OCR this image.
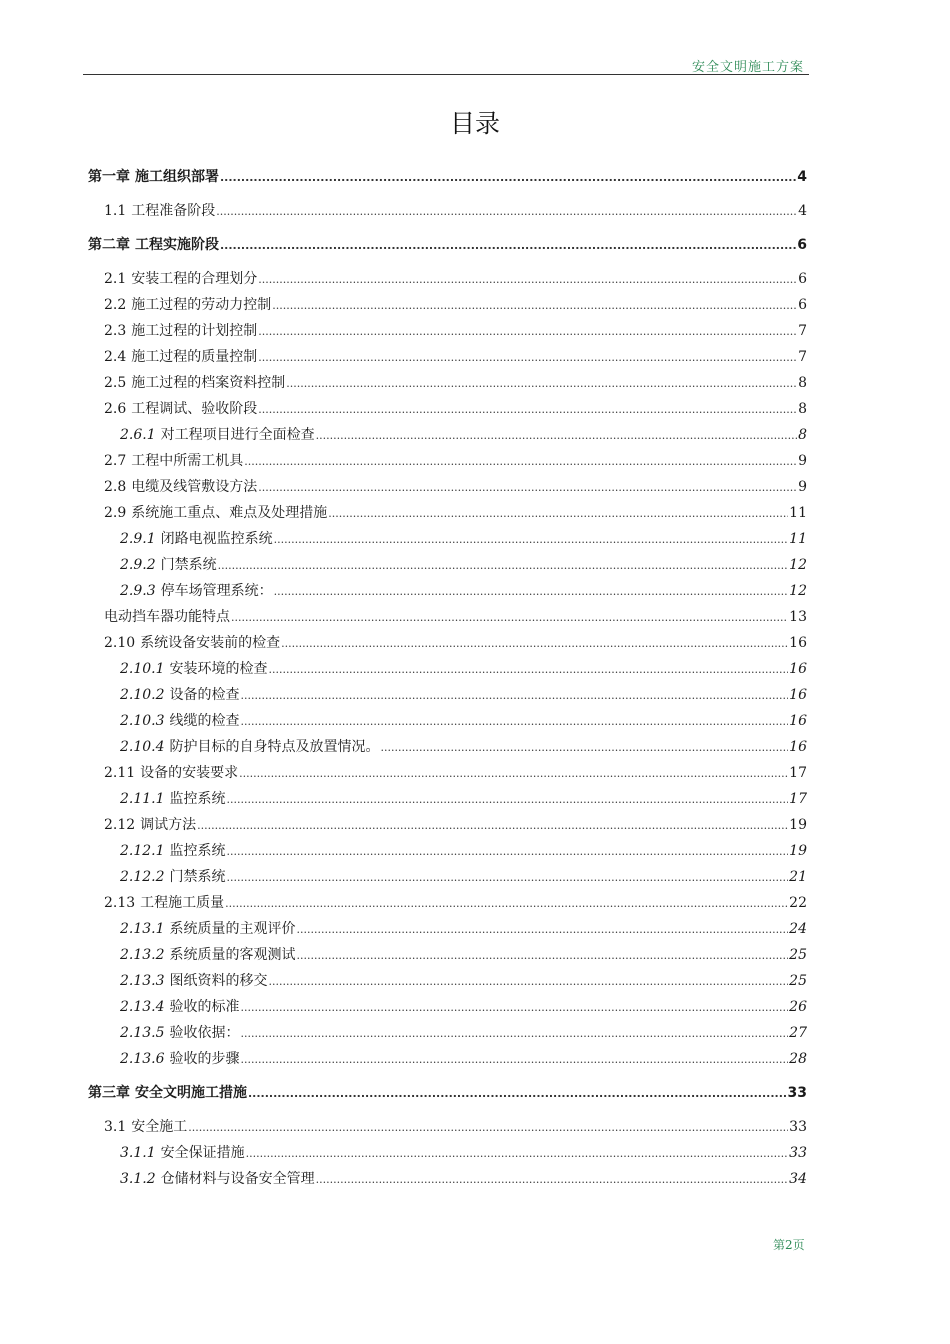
安全文明施工方案
目录
第一章 施工组织部署 .....	4
1.1 工程准备阶段 .....	4
第二章 工程实施阶段 .....	6
2.1 安装工程的合理划分 .....	6
2.2 施工过程的劳动力控制 .....	6
2.3 施工过程的计划控制 .....	7
2.4 施工过程的质量控制 .....	7
2.5 施工过程的档案资料控制 .....	8
2.6 工程调试、验收阶段 .....	8
2.6.1 对工程项目进行全面检查 .....	8
2.7 工程中所需工机具 .....	9
2.8 电缆及线管敷设方法 .....	9
2.9 系统施工重点、难点及处理措施 .....	11
2.9.1 闭路电视监控系统 .....	11
2.9.2 门禁系统 .....	12
2.9.3 停车场管理系统： .....	12
电动挡车器功能特点 .....	13
2.10 系统设备安装前的检查 .....	16
2.10.1 安装环境的检查 .....	16
2.10.2 设备的检查 .....	16
2.10.3 线缆的检查 .....	16
2.10.4 防护目标的自身特点及放置情况。 .....	16
2.11 设备的安装要求 .....	17
2.11.1 监控系统 .....	17
2.12 调试方法 .....	19
2.12.1 监控系统 .....	19
2.12.2 门禁系统 .....	21
2.13 工程施工质量 .....	22
2.13.1 系统质量的主观评价 .....	24
2.13.2 系统质量的客观测试 .....	25
2.13.3 图纸资料的移交 .....	25
2.13.4 验收的标准 .....	26
2.13.5 验收依据： .....	27
2.13.6 验收的步骤 .....	28
第三章 安全文明施工措施 .....	33
3.1 安全施工 .....	33
3.1.1 安全保证措施 .....	33
3.1.2 仓储材料与设备安全管理 .....	34
第2页
